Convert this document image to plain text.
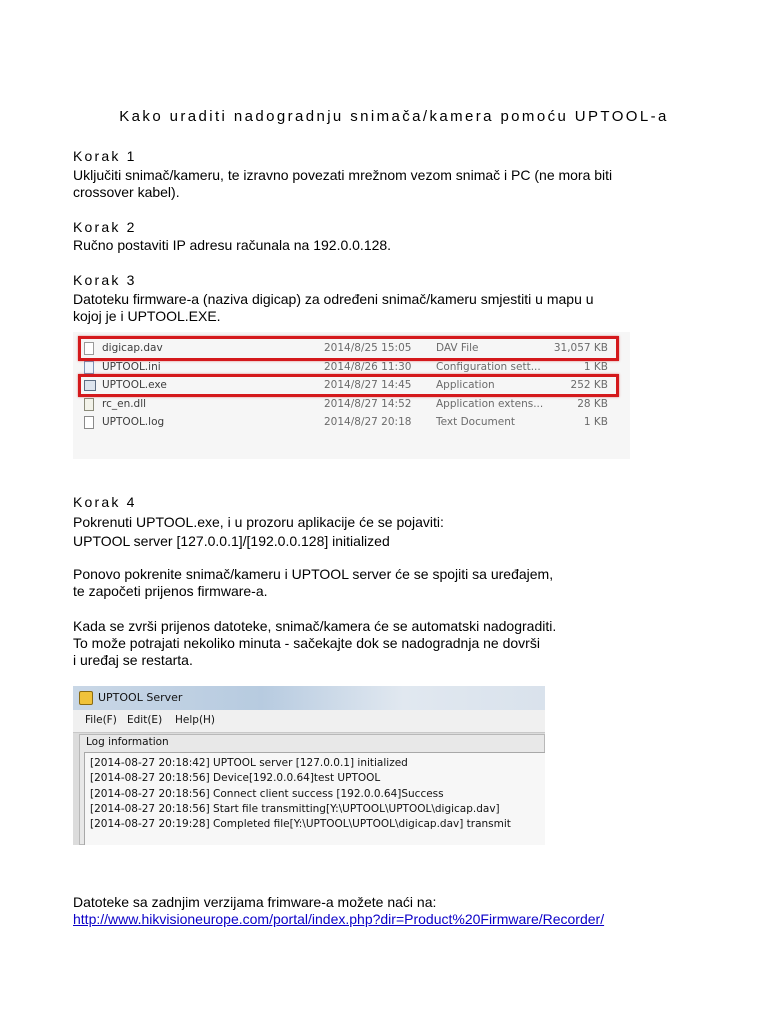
Kako uraditi nadogradnju snimača/kamera pomoću UPTOOL-a
Korak 1
Uključiti snimač/kameru, te izravno povezati mrežnom vezom snimač i PC (ne mora biti
crossover kabel).
Korak 2
Ručno postaviti IP adresu računala na 192.0.0.128.
Korak 3
Datoteku firmware-a (naziva digicap) za određeni snimač/kameru smjestiti u mapu u
kojoj je i UPTOOL.EXE.
digicap.dav	2014/8/25 15:05 DAV File	31,057 KB
UPTOOL.ini	2014/8/26 11:30 Configuration sett...	1 KB
UPTOOL.exe	2014/8/27 14:45 Application	252 KB
rc_en.dll	2014/8/27 14:52 Application extens...	28 KB
UPTOOL.log	2014/8/27 20:18 Text Document	1 KB
Korak 4
Pokrenuti UPTOOL.exe, i u prozoru aplikacije će se pojaviti:
UPTOOL server [127.0.0.1]/[192.0.0.128] initialized
Ponovo pokrenite snimač/kameru i UPTOOL server će se spojiti sa uređajem,
te započeti prijenos firmware-a.
Kada se zvrši prijenos datoteke, snimač/kamera će se automatski nadograditi.
To može potrajati nekoliko minuta - sačekajte dok se nadogradnja ne dovrši
i uređaj se restarta.
UPTOOL Server
File(F) Edit(E) Help(H)
Log information
[2014-08-27 20:18:42] UPTOOL server [127.0.0.1] initialized
[2014-08-27 20:18:56] Device[192.0.0.64]test UPTOOL
[2014-08-27 20:18:56] Connect client success [192.0.0.64]Success
[2014-08-27 20:18:56] Start file transmitting[Y:\UPTOOL\UPTOOL\digicap.dav]
[2014-08-27 20:19:28] Completed file[Y:\UPTOOL\UPTOOL\digicap.dav] transmit
Datoteke sa zadnjim verzijama frimware-a možete naći na:
http://www.hikvisioneurope.com/portal/index.php?dir=Product%20Firmware/Recorder/
